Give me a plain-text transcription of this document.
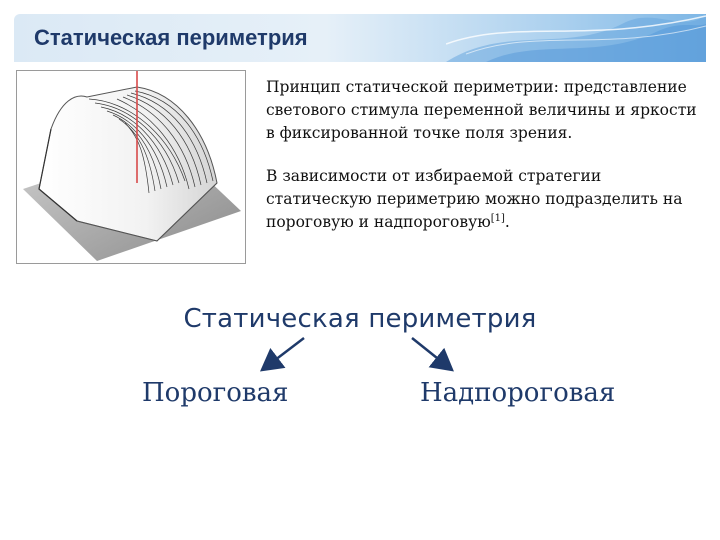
Статическая периметрия

Принцип статической периметрии: представление светового стимула переменной величины и яркости в фиксированной точке поля зрения.

В зависимости от избираемой стратегии статическую периметрию можно подразделить на пороговую и надпороговую[1].

Статическая периметрия
Пороговая	Надпороговая
